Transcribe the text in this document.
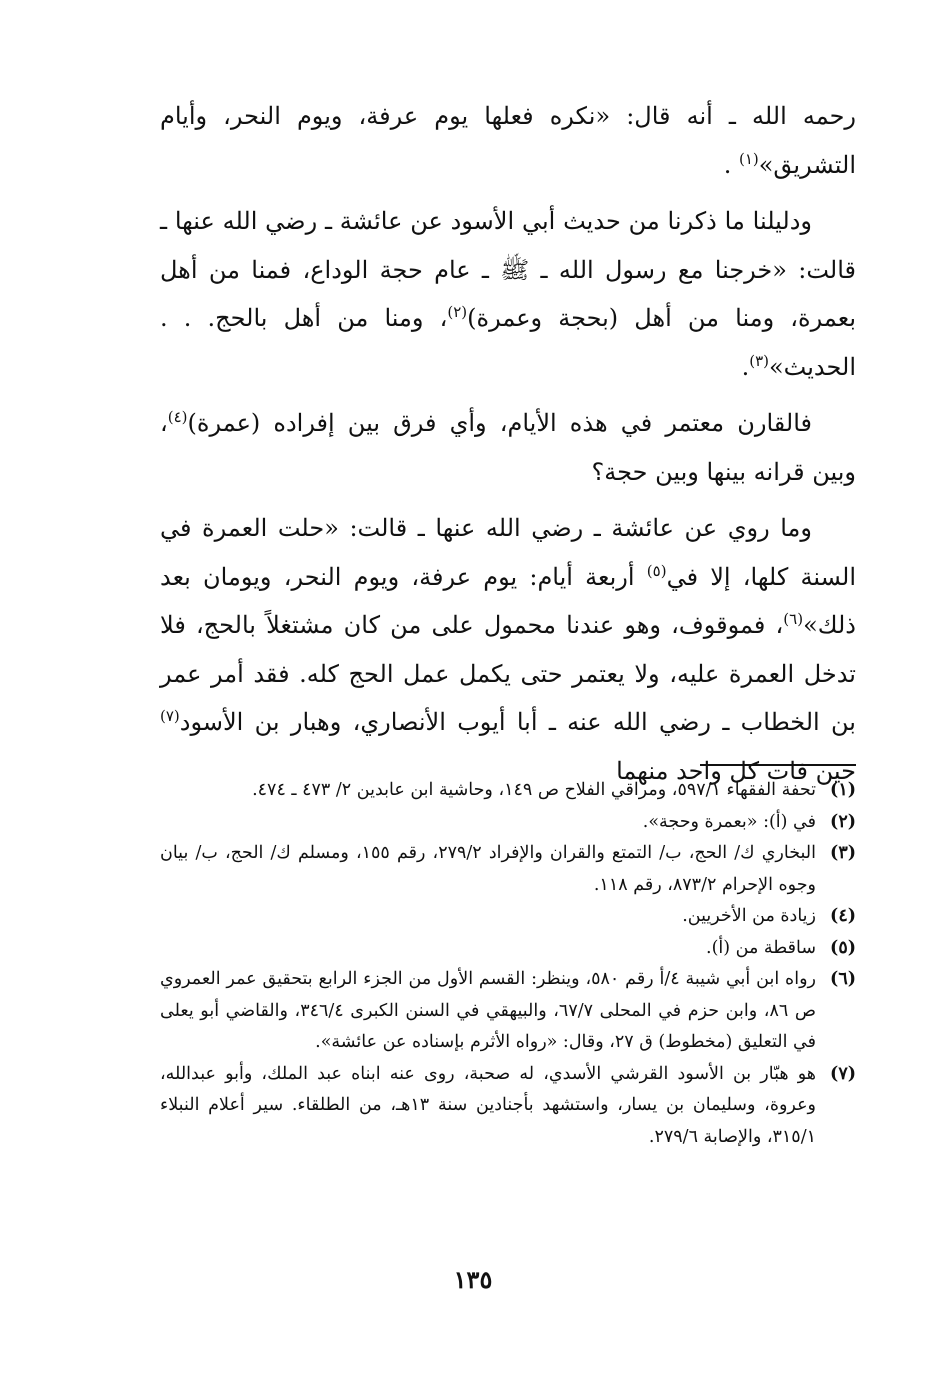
رحمه الله ـ أنه قال: «نكره فعلها يوم عرفة، ويوم النحر، وأيام التشريق»$^{(١)}$ .

ودليلنا ما ذكرنا من حديث أبي الأسود عن عائشة ـ رضي الله عنها ـ قالت: «خرجنا مع رسول الله ـ ﷺ ـ عام حجة الوداع، فمنا من أهل بعمرة، ومنا من أهل (بحجة وعمرة)$^{(٢)}$، ومنا من أهل بالحج. . . الحديث»$^{(٣)}$.

فالقارن معتمر في هذه الأيام، وأي فرق بين إفراده (عمرة)$^{(٤)}$، وبين قرانه بينها وبين حجة؟

وما روي عن عائشة ـ رضي الله عنها ـ قالت: «حلت العمرة في السنة كلها، إلا في$^{(٥)}$ أربعة أيام: يوم عرفة، ويوم النحر، ويومان بعد ذلك»$^{(٦)}$، فموقوف، وهو عندنا محمول على من كان مشتغلاً بالحج، فلا تدخل العمرة عليه، ولا يعتمر حتى يكمل عمل الحج كله. فقد أمر عمر بن الخطاب ـ رضي الله عنه ـ أبا أيوب الأنصاري، وهبار بن الأسود$^{(٧)}$ حين فات كل واحد منهما

(١)
تحفة الفقهاء ٥٩٧/١، ومراقي الفلاح ص ١٤٩، وحاشية ابن عابدين ٢/ ٤٧٣ ـ ٤٧٤.
(٢)
في (أ): «بعمرة وحجة».
(٣)
البخاري ك/ الحج، ب/ التمتع والقران والإفراد ٢٧٩/٢، رقم ١٥٥، ومسلم ك/ الحج، ب/ بيان وجوه الإحرام ٨٧٣/٢، رقم ١١٨.
(٤)
زيادة من الأخريين.
(٥)
ساقطة من (أ).
(٦)
رواه ابن أبي شيبة ٤/أ رقم ٥٨٠، وينظر: القسم الأول من الجزء الرابع بتحقيق عمر العمروي ص ٨٦، وابن حزم في المحلى ٦٧/٧، والبيهقي في السنن الكبرى ٣٤٦/٤، والقاضي أبو يعلى في التعليق (مخطوط) ق ٢٧، وقال: «رواه الأثرم بإسناده عن عائشة».
(٧)
هو هبّار بن الأسود القرشي الأسدي، له صحبة، روى عنه ابناه عبد الملك، وأبو عبدالله، وعروة، وسليمان بن يسار، واستشهد بأجنادين سنة ١٣هـ، من الطلقاء. سير أعلام النبلاء ٣١٥/١، والإصابة ٢٧٩/٦.
١٣٥
